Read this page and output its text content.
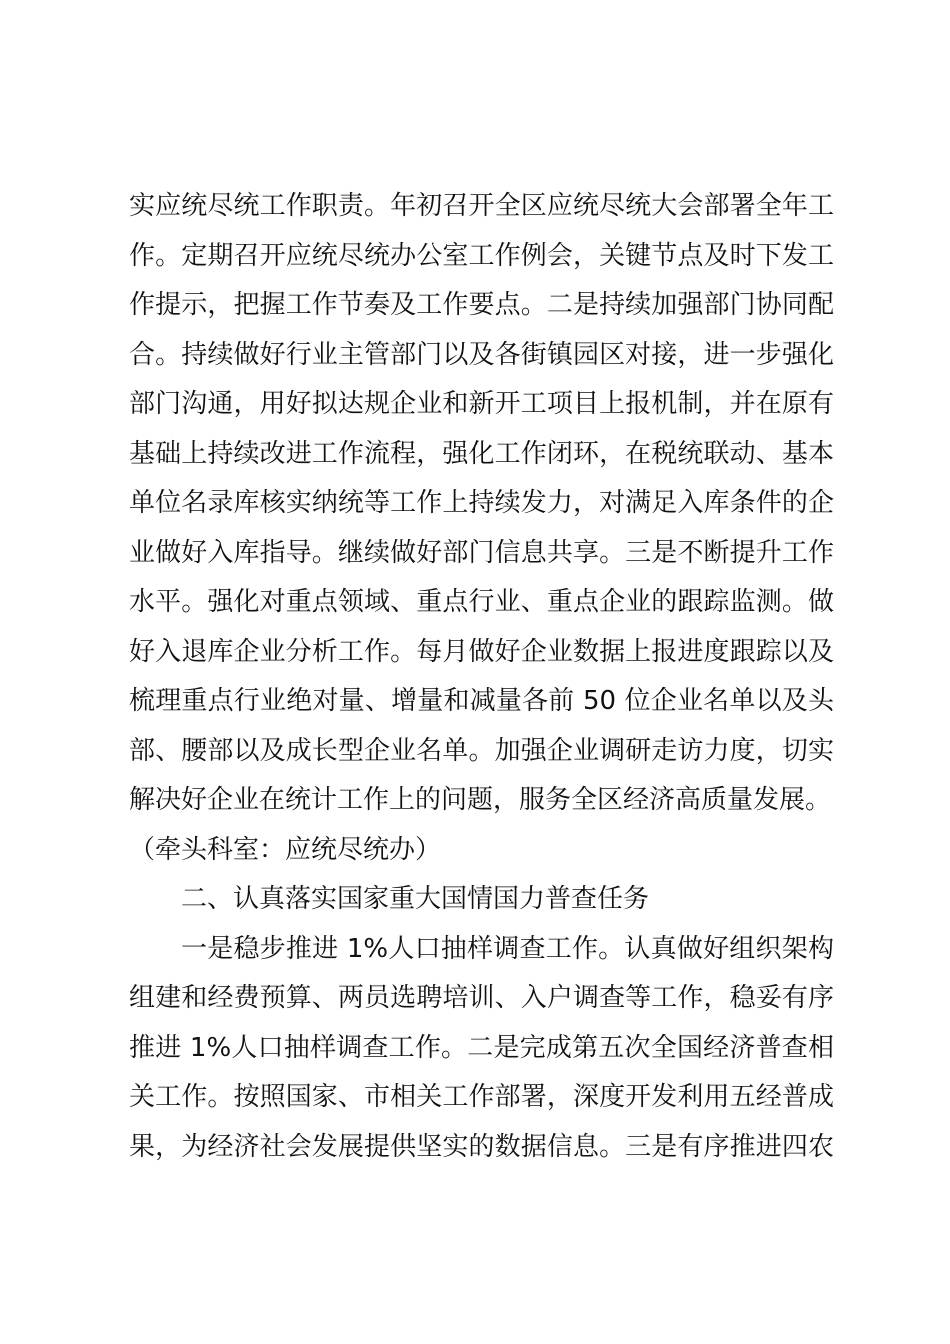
实应统尽统工作职责。年初召开全区应统尽统大会部署全年工
作。定期召开应统尽统办公室工作例会，关键节点及时下发工
作提示，把握工作节奏及工作要点。二是持续加强部门协同配
合。持续做好行业主管部门以及各街镇园区对接，进一步强化
部门沟通，用好拟达规企业和新开工项目上报机制，并在原有
基础上持续改进工作流程，强化工作闭环，在税统联动、基本
单位名录库核实纳统等工作上持续发力，对满足入库条件的企
业做好入库指导。继续做好部门信息共享。三是不断提升工作
水平。强化对重点领域、重点行业、重点企业的跟踪监测。做
好入退库企业分析工作。每月做好企业数据上报进度跟踪以及
梳理重点行业绝对量、增量和减量各前 50 位企业名单以及头
部、腰部以及成长型企业名单。加强企业调研走访力度，切实
解决好企业在统计工作上的问题，服务全区经济高质量发展。
（牵头科室：应统尽统办）
二、认真落实国家重大国情国力普查任务
一是稳步推进 1%人口抽样调查工作。认真做好组织架构
组建和经费预算、两员选聘培训、入户调查等工作，稳妥有序
推进 1%人口抽样调查工作。二是完成第五次全国经济普查相
关工作。按照国家、市相关工作部署，深度开发利用五经普成
果，为经济社会发展提供坚实的数据信息。三是有序推进四农
